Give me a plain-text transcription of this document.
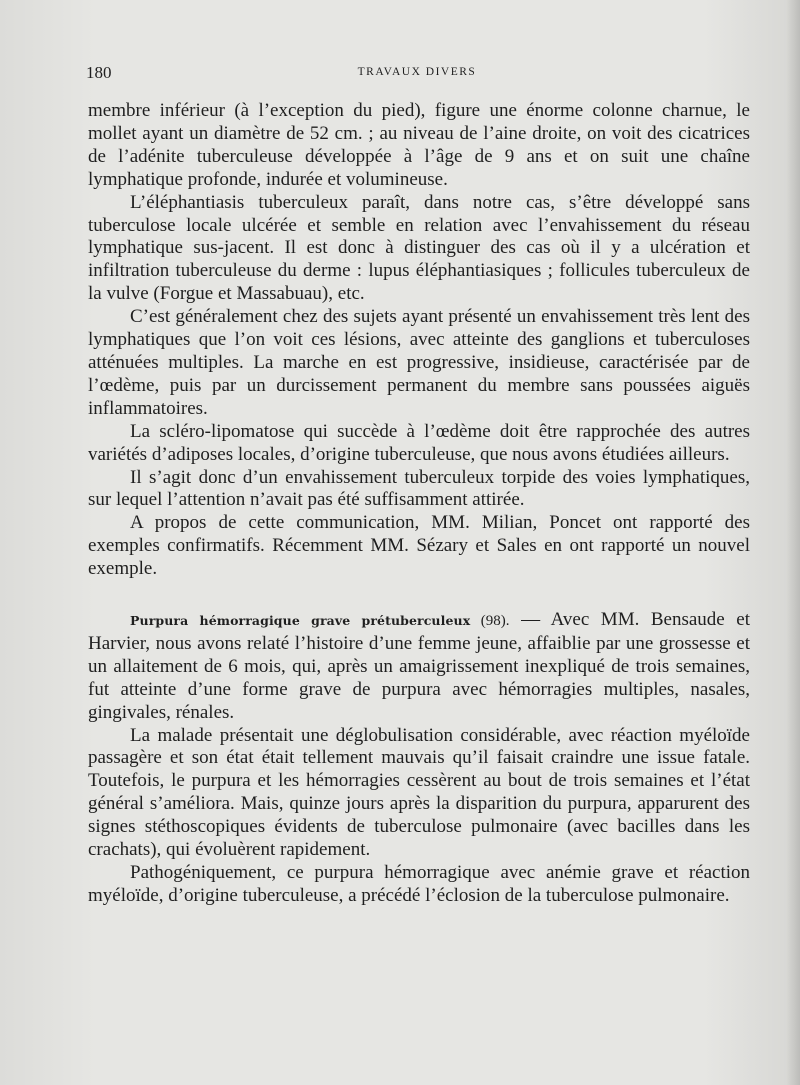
180	TRAVAUX DIVERS

membre inférieur (à l’exception du pied), figure une énorme colonne charnue, le mollet ayant un diamètre de 52 cm. ; au niveau de l’aine droite, on voit des cicatrices de l’adénite tuberculeuse développée à l’âge de 9 ans et on suit une chaîne lymphatique profonde, indurée et volumineuse.

L’éléphantiasis tuberculeux paraît, dans notre cas, s’être développé sans tuberculose locale ulcérée et semble en relation avec l’envahissement du réseau lymphatique sus-jacent. Il est donc à distinguer des cas où il y a ulcération et infiltration tuberculeuse du derme : lupus éléphantiasiques ; follicules tuberculeux de la vulve (Forgue et Massabuau), etc.

C’est généralement chez des sujets ayant présenté un envahissement très lent des lymphatiques que l’on voit ces lésions, avec atteinte des ganglions et tuberculoses atténuées multiples. La marche en est progressive, insidieuse, caractérisée par de l’œdème, puis par un durcissement permanent du membre sans poussées aiguës inflammatoires.

La scléro-lipomatose qui succède à l’œdème doit être rapprochée des autres variétés d’adiposes locales, d’origine tuberculeuse, que nous avons étudiées ailleurs.

Il s’agit donc d’un envahissement tuberculeux torpide des voies lymphatiques, sur lequel l’attention n’avait pas été suffisamment attirée.

A propos de cette communication, MM. Milian, Poncet ont rapporté des exemples confirmatifs. Récemment MM. Sézary et Sales en ont rapporté un nouvel exemple.

Purpura hémorragique grave prétuberculeux (98). — Avec MM. Bensaude et Harvier, nous avons relaté l’histoire d’une femme jeune, affaiblie par une grossesse et un allaitement de 6 mois, qui, après un amaigrissement inexpliqué de trois semaines, fut atteinte d’une forme grave de purpura avec hémorragies multiples, nasales, gingivales, rénales.

La malade présentait une déglobulisation considérable, avec réaction myéloïde passagère et son état était tellement mauvais qu’il faisait craindre une issue fatale. Toutefois, le purpura et les hémorragies cessèrent au bout de trois semaines et l’état général s’améliora. Mais, quinze jours après la disparition du purpura, apparurent des signes stéthoscopiques évidents de tuberculose pulmonaire (avec bacilles dans les crachats), qui évoluèrent rapidement.

Pathogéniquement, ce purpura hémorragique avec anémie grave et réaction myéloïde, d’origine tuberculeuse, a précédé l’éclosion de la tuberculose pulmonaire.
